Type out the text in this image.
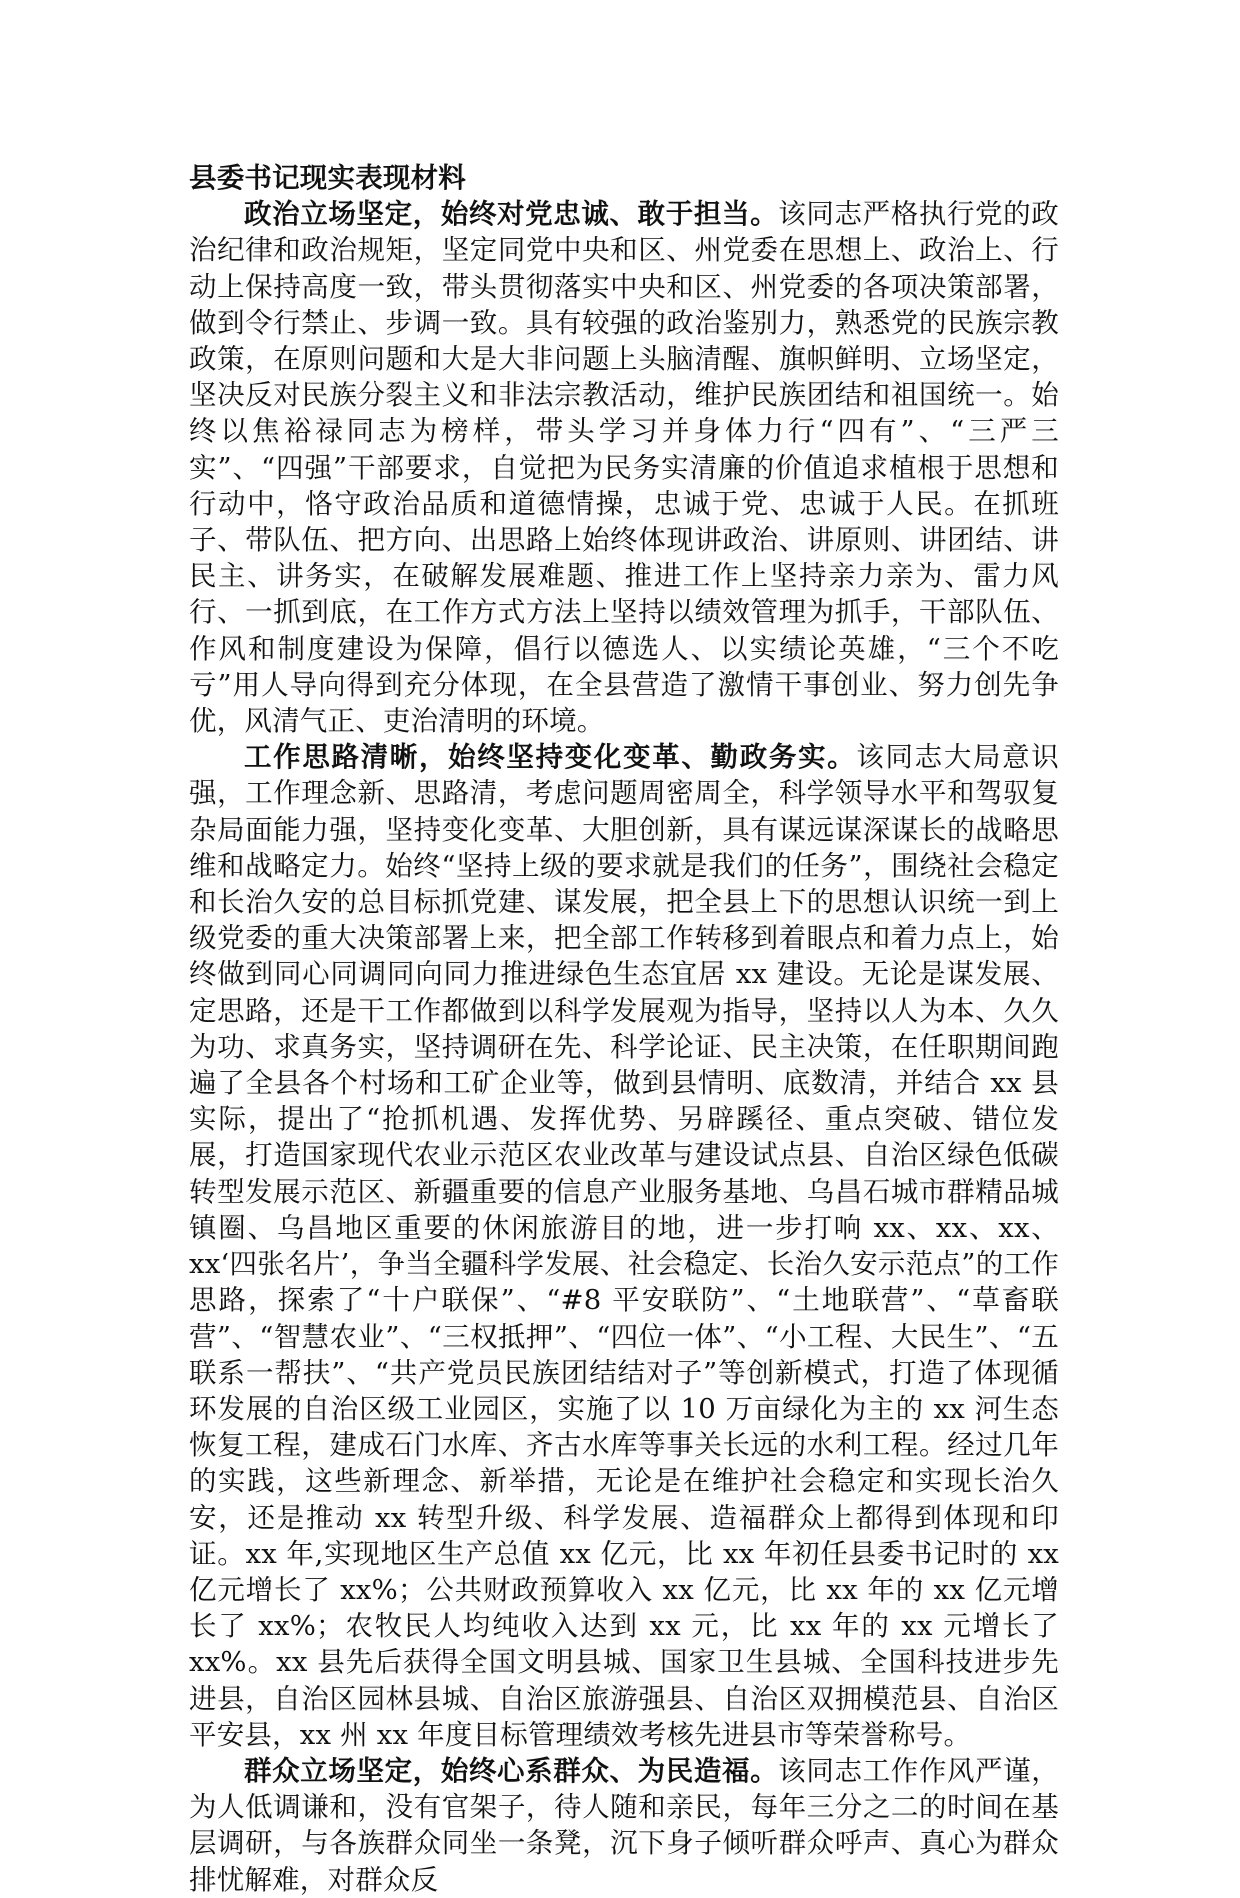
县委书记现实表现材料

政治立场坚定，始终对党忠诚、敢于担当。该同志严格执行党的政治纪律和政治规矩，坚定同党中央和区、州党委在思想上、政治上、行动上保持高度一致，带头贯彻落实中央和区、州党委的各项决策部署，做到令行禁止、步调一致。具有较强的政治鉴别力，熟悉党的民族宗教政策，在原则问题和大是大非问题上头脑清醒、旗帜鲜明、立场坚定，坚决反对民族分裂主义和非法宗教活动，维护民族团结和祖国统一。始终以焦裕禄同志为榜样，带头学习并身体力行“四有”、“三严三实”、“四强”干部要求，自觉把为民务实清廉的价值追求植根于思想和行动中，恪守政治品质和道德情操，忠诚于党、忠诚于人民。在抓班子、带队伍、把方向、出思路上始终体现讲政治、讲原则、讲团结、讲民主、讲务实，在破解发展难题、推进工作上坚持亲力亲为、雷力风行、一抓到底，在工作方式方法上坚持以绩效管理为抓手，干部队伍、作风和制度建设为保障，倡行以德选人、以实绩论英雄，“三个不吃亏”用人导向得到充分体现，在全县营造了激情干事创业、努力创先争优，风清气正、吏治清明的环境。

工作思路清晰，始终坚持变化变革、勤政务实。该同志大局意识强，工作理念新、思路清，考虑问题周密周全，科学领导水平和驾驭复杂局面能力强，坚持变化变革、大胆创新，具有谋远谋深谋长的战略思维和战略定力。始终“坚持上级的要求就是我们的任务”，围绕社会稳定和长治久安的总目标抓党建、谋发展，把全县上下的思想认识统一到上级党委的重大决策部署上来，把全部工作转移到着眼点和着力点上，始终做到同心同调同向同力推进绿色生态宜居 xx 建设。无论是谋发展、定思路，还是干工作都做到以科学发展观为指导，坚持以人为本、久久为功、求真务实，坚持调研在先、科学论证、民主决策，在任职期间跑遍了全县各个村场和工矿企业等，做到县情明、底数清，并结合 xx 县实际，提出了“抢抓机遇、发挥优势、另辟蹊径、重点突破、错位发展，打造国家现代农业示范区农业改革与建设试点县、自治区绿色低碳转型发展示范区、新疆重要的信息产业服务基地、乌昌石城市群精品城镇圈、乌昌地区重要的休闲旅游目的地，进一步打响 xx、xx、xx、xx‘四张名片’，争当全疆科学发展、社会稳定、长治久安示范点”的工作思路，探索了“十户联保”、“#8 平安联防”、“土地联营”、“草畜联营”、“智慧农业”、“三权抵押”、“四位一体”、“小工程、大民生”、“五联系一帮扶”、“共产党员民族团结结对子”等创新模式，打造了体现循环发展的自治区级工业园区，实施了以 10 万亩绿化为主的 xx 河生态恢复工程，建成石门水库、齐古水库等事关长远的水利工程。经过几年的实践，这些新理念、新举措，无论是在维护社会稳定和实现长治久安，还是推动 xx 转型升级、科学发展、造福群众上都得到体现和印证。xx 年,实现地区生产总值 xx 亿元，比 xx 年初任县委书记时的 xx 亿元增长了 xx%；公共财政预算收入 xx 亿元，比 xx 年的 xx 亿元增长了 xx%；农牧民人均纯收入达到 xx 元，比 xx 年的 xx 元增长了 xx%。xx 县先后获得全国文明县城、国家卫生县城、全国科技进步先进县，自治区园林县城、自治区旅游强县、自治区双拥模范县、自治区平安县，xx 州 xx 年度目标管理绩效考核先进县市等荣誉称号。

群众立场坚定，始终心系群众、为民造福。该同志工作作风严谨，为人低调谦和，没有官架子，待人随和亲民，每年三分之二的时间在基层调研，与各族群众同坐一条凳，沉下身子倾听群众呼声、真心为群众排忧解难，对群众反
